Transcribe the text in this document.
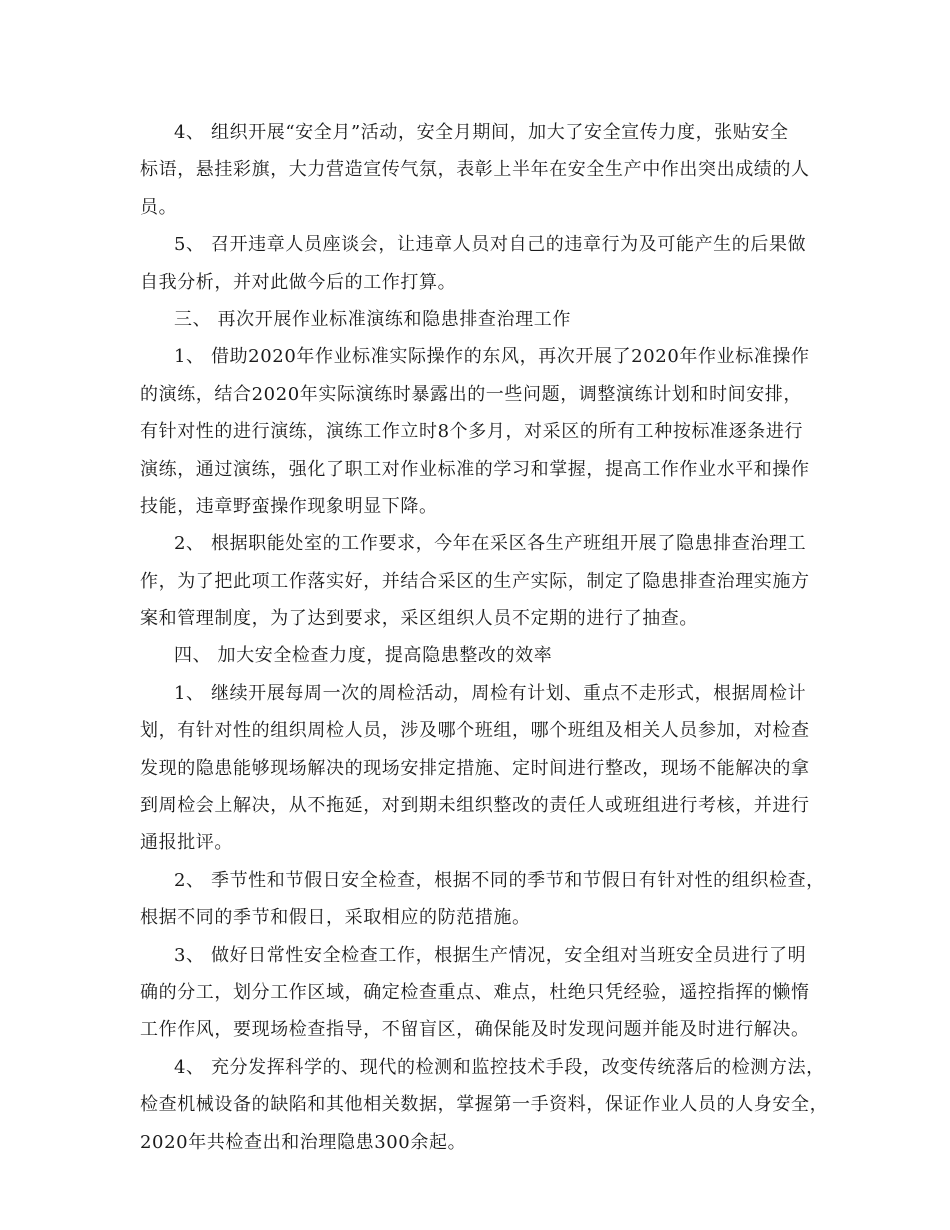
4、 组织开展“安全月”活动，安全月期间，加大了安全宣传力度，张贴安全
标语，悬挂彩旗，大力营造宣传气氛，表彰上半年在安全生产中作出突出成绩的人
员。
5、 召开违章人员座谈会，让违章人员对自己的违章行为及可能产生的后果做
自我分析，并对此做今后的工作打算。
三、 再次开展作业标准演练和隐患排查治理工作
1、 借助2020年作业标准实际操作的东风，再次开展了2020年作业标准操作
的演练，结合2020年实际演练时暴露出的一些问题，调整演练计划和时间安排，
有针对性的进行演练，演练工作立时8个多月，对采区的所有工种按标准逐条进行
演练，通过演练，强化了职工对作业标准的学习和掌握，提高工作作业水平和操作
技能，违章野蛮操作现象明显下降。
2、 根据职能处室的工作要求，今年在采区各生产班组开展了隐患排查治理工
作，为了把此项工作落实好，并结合采区的生产实际，制定了隐患排查治理实施方
案和管理制度，为了达到要求，采区组织人员不定期的进行了抽查。
四、 加大安全检查力度，提高隐患整改的效率
1、 继续开展每周一次的周检活动，周检有计划、重点不走形式，根据周检计
划，有针对性的组织周检人员，涉及哪个班组，哪个班组及相关人员参加，对检查
发现的隐患能够现场解决的现场安排定措施、定时间进行整改，现场不能解决的拿
到周检会上解决，从不拖延，对到期未组织整改的责任人或班组进行考核，并进行
通报批评。
2、 季节性和节假日安全检查，根据不同的季节和节假日有针对性的组织检查，
根据不同的季节和假日，采取相应的防范措施。
3、 做好日常性安全检查工作，根据生产情况，安全组对当班安全员进行了明
确的分工，划分工作区域，确定检查重点、难点，杜绝只凭经验，遥控指挥的懒惰
工作作风，要现场检查指导，不留盲区，确保能及时发现问题并能及时进行解决。
4、 充分发挥科学的、现代的检测和监控技术手段，改变传统落后的检测方法，
检查机械设备的缺陷和其他相关数据，掌握第一手资料，保证作业人员的人身安全，
2020年共检查出和治理隐患300余起。
